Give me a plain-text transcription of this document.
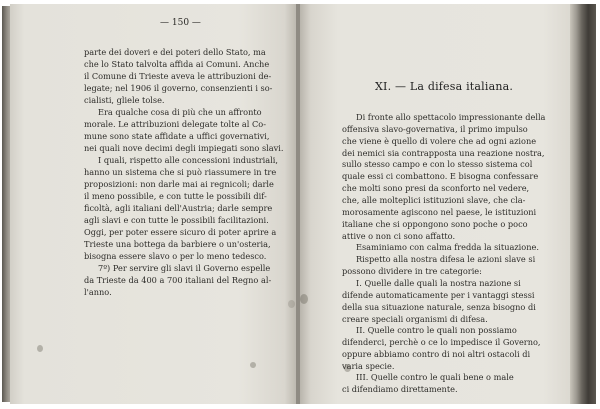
— 150 —
parte dei doveri e dei poteri dello Stato, ma
che lo Stato talvolta affida ai Comuni. Anche
il Comune di Trieste aveva le attribuzioni de-
legate; nel 1906 il governo, consenzienti i so-
cialisti, gliele tolse.
Era qualche cosa di più che un affronto
morale. Le attribuzioni delegate tolte al Co-
mune sono state affidate a uffici governativi,
nei quali nove decimi degli impiegati sono slavi.
I quali, rispetto alle concessioni industriali,
hanno un sistema che si può riassumere in tre
proposizioni: non darle mai ai regnicoli; darle
il meno possibile, e con tutte le possibili dif-
ficoltà, agli italiani dell'Austria; darle sempre
agli slavi e con tutte le possibili facilitazioni.
Oggi, per poter essere sicuro di poter aprire a
Trieste una bottega da barbiere o un'osteria,
bisogna essere slavo o per lo meno tedesco.
7º) Per servire gli slavi il Governo espelle
da Trieste da 400 a 700 italiani del Regno al-
l'anno.
XI. — La difesa italiana.
Di fronte allo spettacolo impressionante della
offensiva slavo-governativa, il primo impulso
che viene è quello di volere che ad ogni azione
dei nemici sia contrapposta una reazione nostra,
sullo stesso campo e con lo stesso sistema col
quale essi ci combattono. E bisogna confessare
che molti sono presi da sconforto nel vedere,
che, alle molteplici istituzioni slave, che cla-
morosamente agiscono nel paese, le istituzioni
italiane che si oppongono sono poche o poco
attive o non ci sono affatto.
Esaminiamo con calma fredda la situazione.
Rispetto alla nostra difesa le azioni slave si
possono dividere in tre categorie:
I. Quelle dalle quali la nostra nazione si
difende automaticamente per i vantaggi stessi
della sua situazione naturale, senza bisogno di
creare speciali organismi di difesa.
II. Quelle contro le quali non possiamo
difenderci, perchè o ce lo impedisce il Governo,
oppure abbiamo contro di noi altri ostacoli di
varia specie.
III. Quelle contro le quali bene o male
ci difendiamo direttamente.
